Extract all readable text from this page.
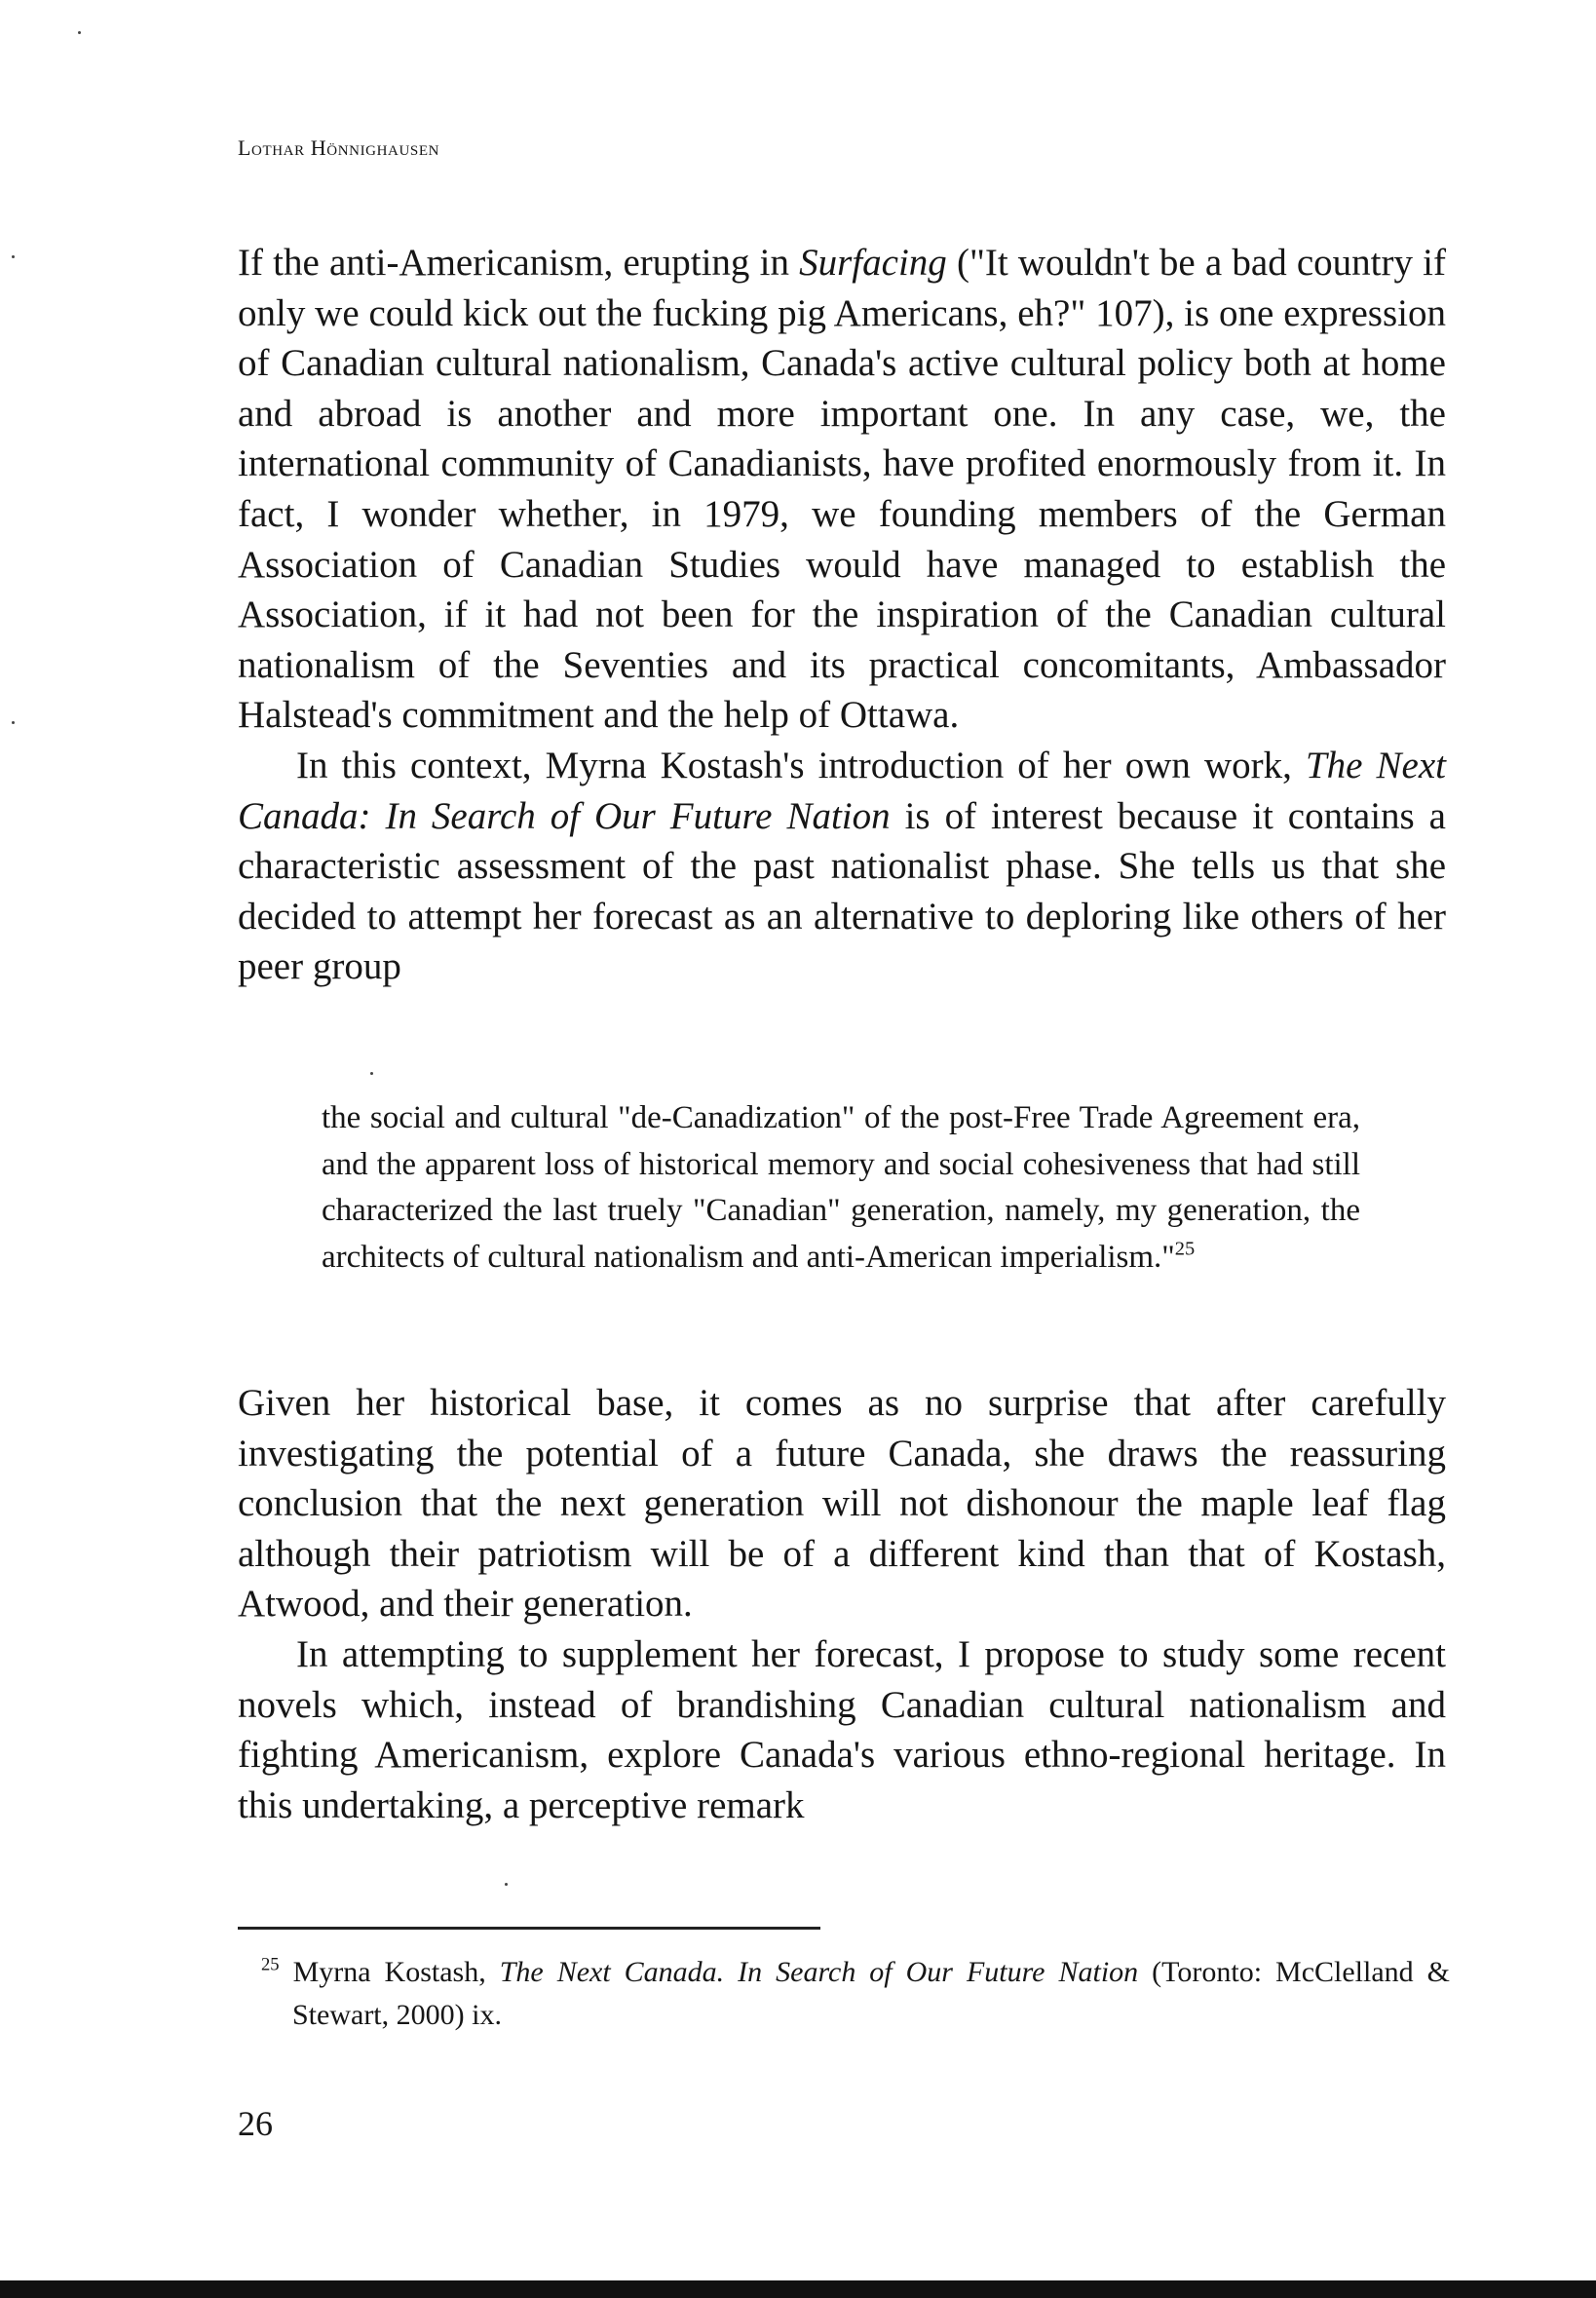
Lothar Hönnighausen

If the anti-Americanism, erupting in Surfacing ("It wouldn't be a bad country if only we could kick out the fucking pig Americans, eh?" 107), is one expression of Canadian cultural nationalism, Canada's active cultural policy both at home and abroad is another and more important one. In any case, we, the international community of Canadianists, have profited enormously from it. In fact, I wonder whether, in 1979, we founding members of the German Association of Canadian Studies would have managed to establish the Association, if it had not been for the inspiration of the Canadian cultural nationalism of the Seventies and its practical concomitants, Ambassador Halstead's commitment and the help of Ottawa.

In this context, Myrna Kostash's introduction of her own work, The Next Canada: In Search of Our Future Nation is of interest because it contains a characteristic assessment of the past nationalist phase. She tells us that she decided to attempt her forecast as an alternative to deploring like others of her peer group

the social and cultural "de-Canadization" of the post-Free Trade Agreement era, and the apparent loss of historical memory and social cohesiveness that had still characterized the last truely "Canadian" generation, namely, my generation, the architects of cultural nationalism and anti-American imperialism."$^{25}$

Given her historical base, it comes as no surprise that after carefully investigating the potential of a future Canada, she draws the reassuring conclusion that the next generation will not dishonour the maple leaf flag although their patriotism will be of a different kind than that of Kostash, Atwood, and their generation.

In attempting to supplement her forecast, I propose to study some recent novels which, instead of brandishing Canadian cultural nationalism and fighting Americanism, explore Canada's various ethno-regional heritage. In this undertaking, a perceptive remark

$^{25}$ Myrna Kostash, The Next Canada. In Search of Our Future Nation (Toronto: McClelland & Stewart, 2000) ix.

26
